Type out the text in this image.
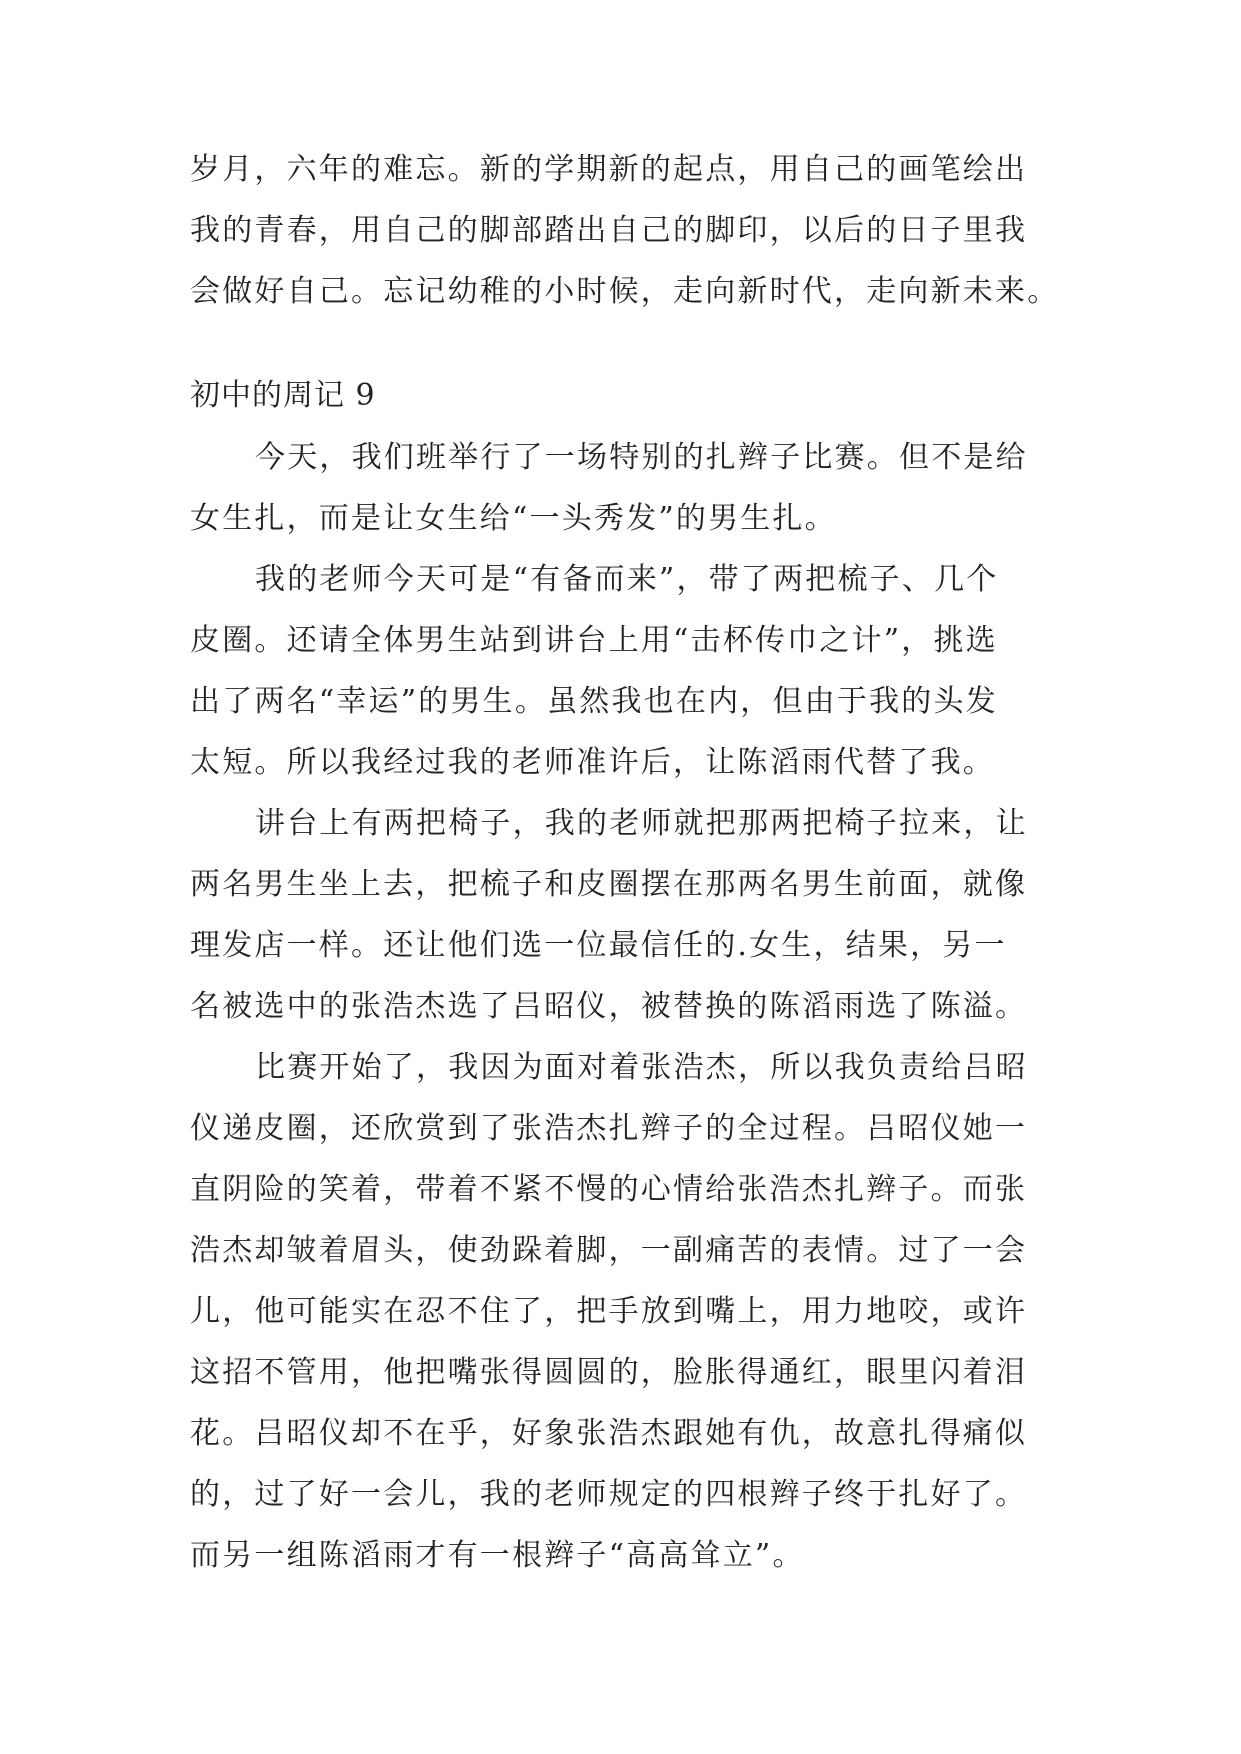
岁月，六年的难忘。新的学期新的起点，用自己的画笔绘出
我的青春，用自己的脚部踏出自己的脚印，以后的日子里我
会做好自己。忘记幼稚的小时候，走向新时代，走向新未来。
初中的周记 9
今天，我们班举行了一场特别的扎辫子比赛。但不是给
女生扎，而是让女生给“一头秀发”的男生扎。
我的老师今天可是“有备而来”，带了两把梳子、几个
皮圈。还请全体男生站到讲台上用“击杯传巾之计”，挑选
出了两名“幸运”的男生。虽然我也在内，但由于我的头发
太短。所以我经过我的老师准许后，让陈滔雨代替了我。
讲台上有两把椅子，我的老师就把那两把椅子拉来，让
两名男生坐上去，把梳子和皮圈摆在那两名男生前面，就像
理发店一样。还让他们选一位最信任的.女生，结果，另一
名被选中的张浩杰选了吕昭仪，被替换的陈滔雨选了陈溢。
比赛开始了，我因为面对着张浩杰，所以我负责给吕昭
仪递皮圈，还欣赏到了张浩杰扎辫子的全过程。吕昭仪她一
直阴险的笑着，带着不紧不慢的心情给张浩杰扎辫子。而张
浩杰却皱着眉头，使劲跺着脚，一副痛苦的表情。过了一会
儿，他可能实在忍不住了，把手放到嘴上，用力地咬，或许
这招不管用，他把嘴张得圆圆的，脸胀得通红，眼里闪着泪
花。吕昭仪却不在乎，好象张浩杰跟她有仇，故意扎得痛似
的，过了好一会儿，我的老师规定的四根辫子终于扎好了。
而另一组陈滔雨才有一根辫子“高高耸立”。
